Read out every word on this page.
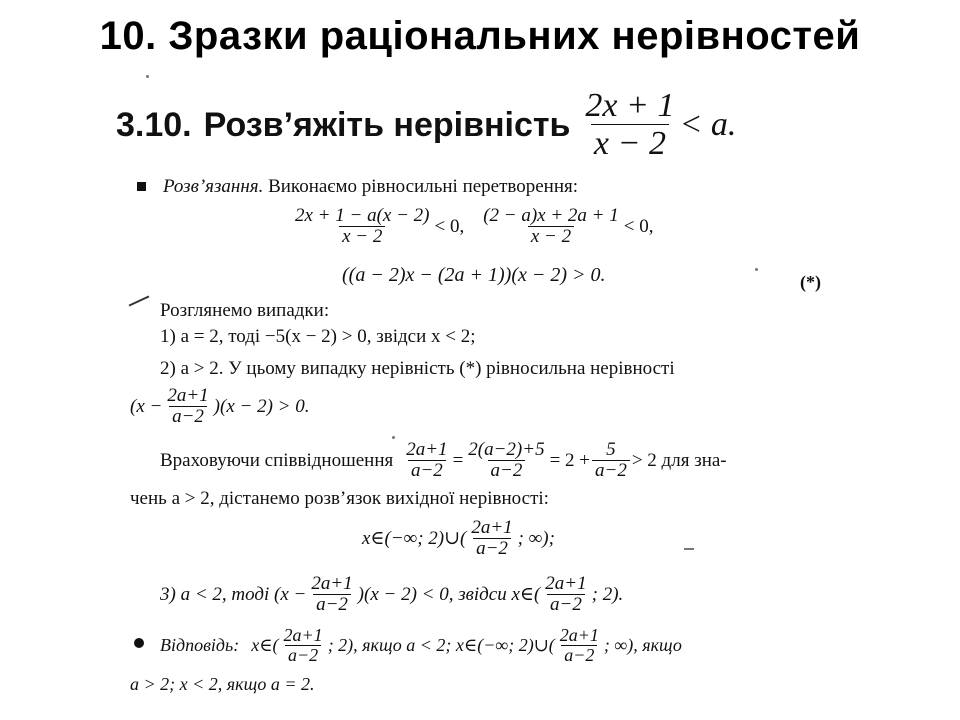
10. Зразки раціональних нерівностей
3.10. Розв’яжіть нерівність $\frac{2x + 1}{x - 2} < a$.
Розв’язання. Виконаємо рівносильні перетворення:
$\frac{2x + 1 - a(x - 2)}{x - 2} < 0$, $\frac{(2 - a)x + 2a + 1}{x - 2} < 0$,
((a − 2)x − (2a + 1))(x − 2) > 0.	(*)
Розглянемо випадки:
1) a = 2, тоді −5(x − 2) > 0, звідси x < 2;
2) a > 2. У цьому випадку нерівність (*) рівносильна нерівності
$(x - \frac{2a+1}{a-2} )(x - 2) > 0$.
Враховуючи співвідношення $\frac{2a+1}{a-2} = \frac{2(a-2)+5}{a-2} = 2 + \frac{5}{a-2} > 2$ для зна-
чень a > 2, дістанемо розв’язок вихідної нерівності:
x∈(−∞; 2)∪( $\frac{2a+1}{a-2}$ ; ∞);
3) a < 2, тоді $(x - \frac{2a+1}{a-2} )(x - 2) < 0$, звідси x∈( $\frac{2a+1}{a-2}$ ; 2).
Відповідь: x∈( $\frac{2a+1}{a-2}$ ; 2), якщо a < 2; x∈(−∞; 2)∪( $\frac{2a+1}{a-2}$ ; ∞), якщо
a > 2; x < 2, якщо a = 2.
